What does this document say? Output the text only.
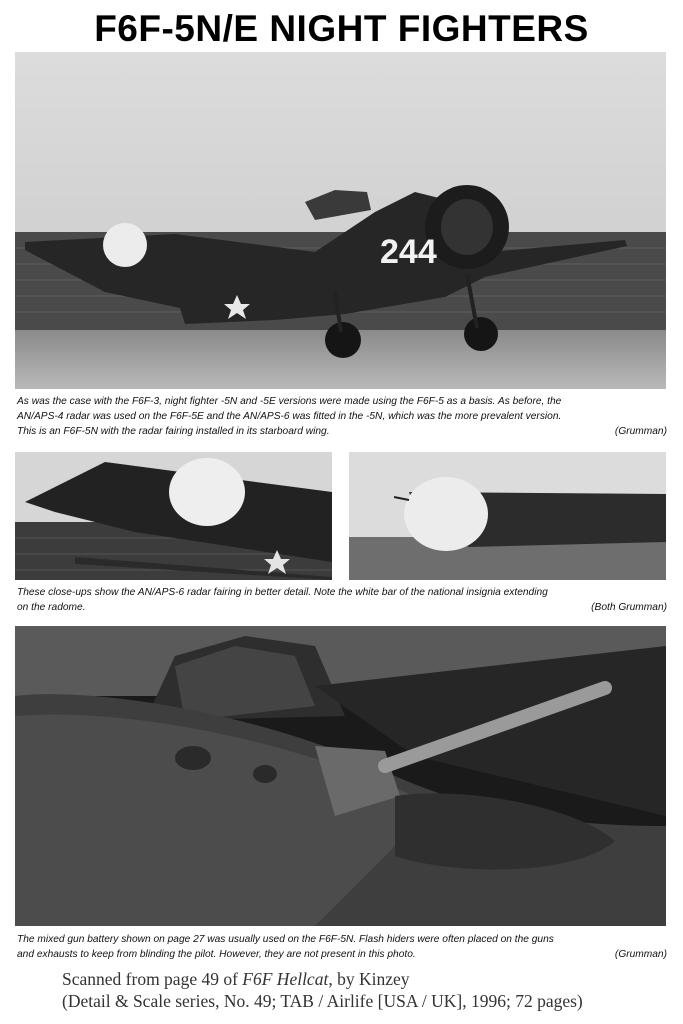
F6F-5N/E NIGHT FIGHTERS
244
As was the case with the F6F-3, night fighter -5N and -5E versions were made using the F6F-5 as a basis. As before, the
AN/APS-4 radar was used on the F6F-5E and the AN/APS-6 was fitted in the -5N, which was the more prevalent version.
This is an F6F-5N with the radar fairing installed in its starboard wing.	(Grumman)
These close-ups show the AN/APS-6 radar fairing in better detail. Note the white bar of the national insignia extending
on the radome.	(Both Grumman)
The mixed gun battery shown on page 27 was usually used on the F6F-5N. Flash hiders were often placed on the guns
and exhausts to keep from blinding the pilot. However, they are not present in this photo.	(Grumman)
Scanned from page 49 of F6F Hellcat, by Kinzey
(Detail & Scale series, No. 49; TAB / Airlife [USA / UK], 1996; 72 pages)
